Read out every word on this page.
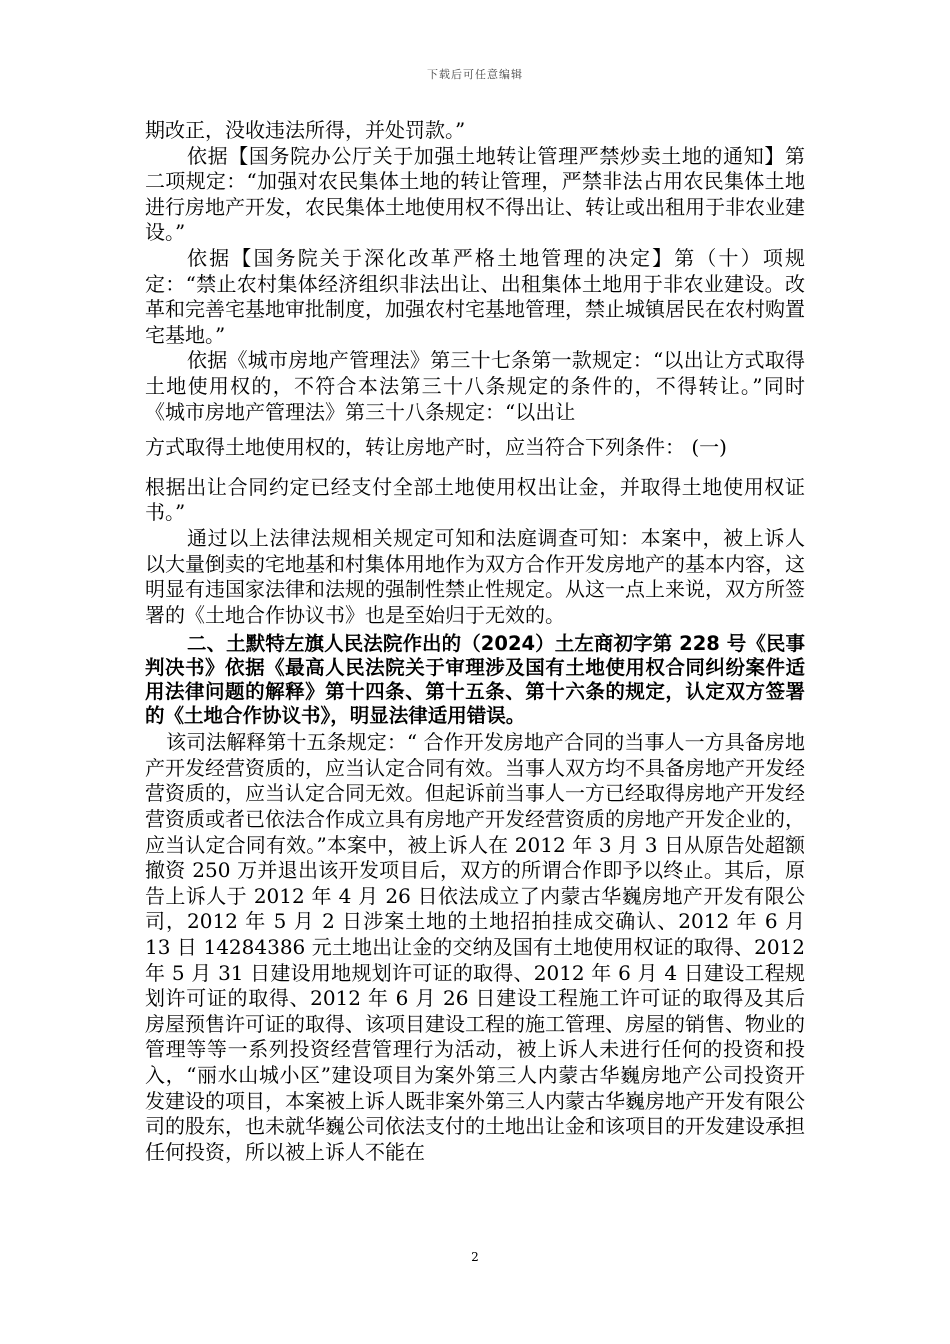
下载后可任意编辑

期改正，没收违法所得，并处罚款。”

依据【国务院办公厅关于加强土地转让管理严禁炒卖土地的通知】第二项规定：“加强对农民集体土地的转让管理，严禁非法占用农民集体土地进行房地产开发，农民集体土地使用权不得出让、转让或出租用于非农业建设。”

依据【国务院关于深化改革严格土地管理的决定】第（十）项规定：“禁止农村集体经济组织非法出让、出租集体土地用于非农业建设。改革和完善宅基地审批制度，加强农村宅基地管理，禁止城镇居民在农村购置宅基地。”

依据《城市房地产管理法》第三十七条第一款规定：“以出让方式取得土地使用权的，不符合本法第三十八条规定的条件的，不得转让。”同时《城市房地产管理法》第三十八条规定：“以出让

方式取得土地使用权的，转让房地产时，应当符合下列条件： (一)

根据出让合同约定已经支付全部土地使用权出让金，并取得土地使用权证书。”

通过以上法律法规相关规定可知和法庭调查可知：本案中，被上诉人以大量倒卖的宅地基和村集体用地作为双方合作开发房地产的基本内容，这明显有违国家法律和法规的强制性禁止性规定。从这一点上来说，双方所签署的《土地合作协议书》也是至始归于无效的。

二、土默特左旗人民法院作出的（2024）土左商初字第 228 号《民事判决书》依据《最高人民法院关于审理涉及国有土地使用权合同纠纷案件适用法律问题的解释》第十四条、第十五条、第十六条的规定，认定双方签署的《土地合作协议书》，明显法律适用错误。

该司法解释第十五条规定：“ 合作开发房地产合同的当事人一方具备房地产开发经营资质的，应当认定合同有效。当事人双方均不具备房地产开发经营资质的，应当认定合同无效。但起诉前当事人一方已经取得房地产开发经营资质或者已依法合作成立具有房地产开发经营资质的房地产开发企业的，应当认定合同有效。”本案中，被上诉人在 2012 年 3 月 3 日从原告处超额撤资 250 万并退出该开发项目后，双方的所谓合作即予以终止。其后，原告上诉人于 2012 年 4 月 26 日依法成立了内蒙古华巍房地产开发有限公司，2012 年 5 月 2 日涉案土地的土地招拍挂成交确认、2012 年 6 月 13 日 14284386 元土地出让金的交纳及国有土地使用权证的取得、2012 年 5 月 31 日建设用地规划许可证的取得、2012 年 6 月 4 日建设工程规划许可证的取得、2012 年 6 月 26 日建设工程施工许可证的取得及其后房屋预售许可证的取得、该项目建设工程的施工管理、房屋的销售、物业的管理等等一系列投资经营管理行为活动，被上诉人未进行任何的投资和投入，“丽水山城小区”建设项目为案外第三人内蒙古华巍房地产公司投资开发建设的项目，本案被上诉人既非案外第三人内蒙古华巍房地产开发有限公司的股东，也未就华巍公司依法支付的土地出让金和该项目的开发建设承担任何投资，所以被上诉人不能在

2
